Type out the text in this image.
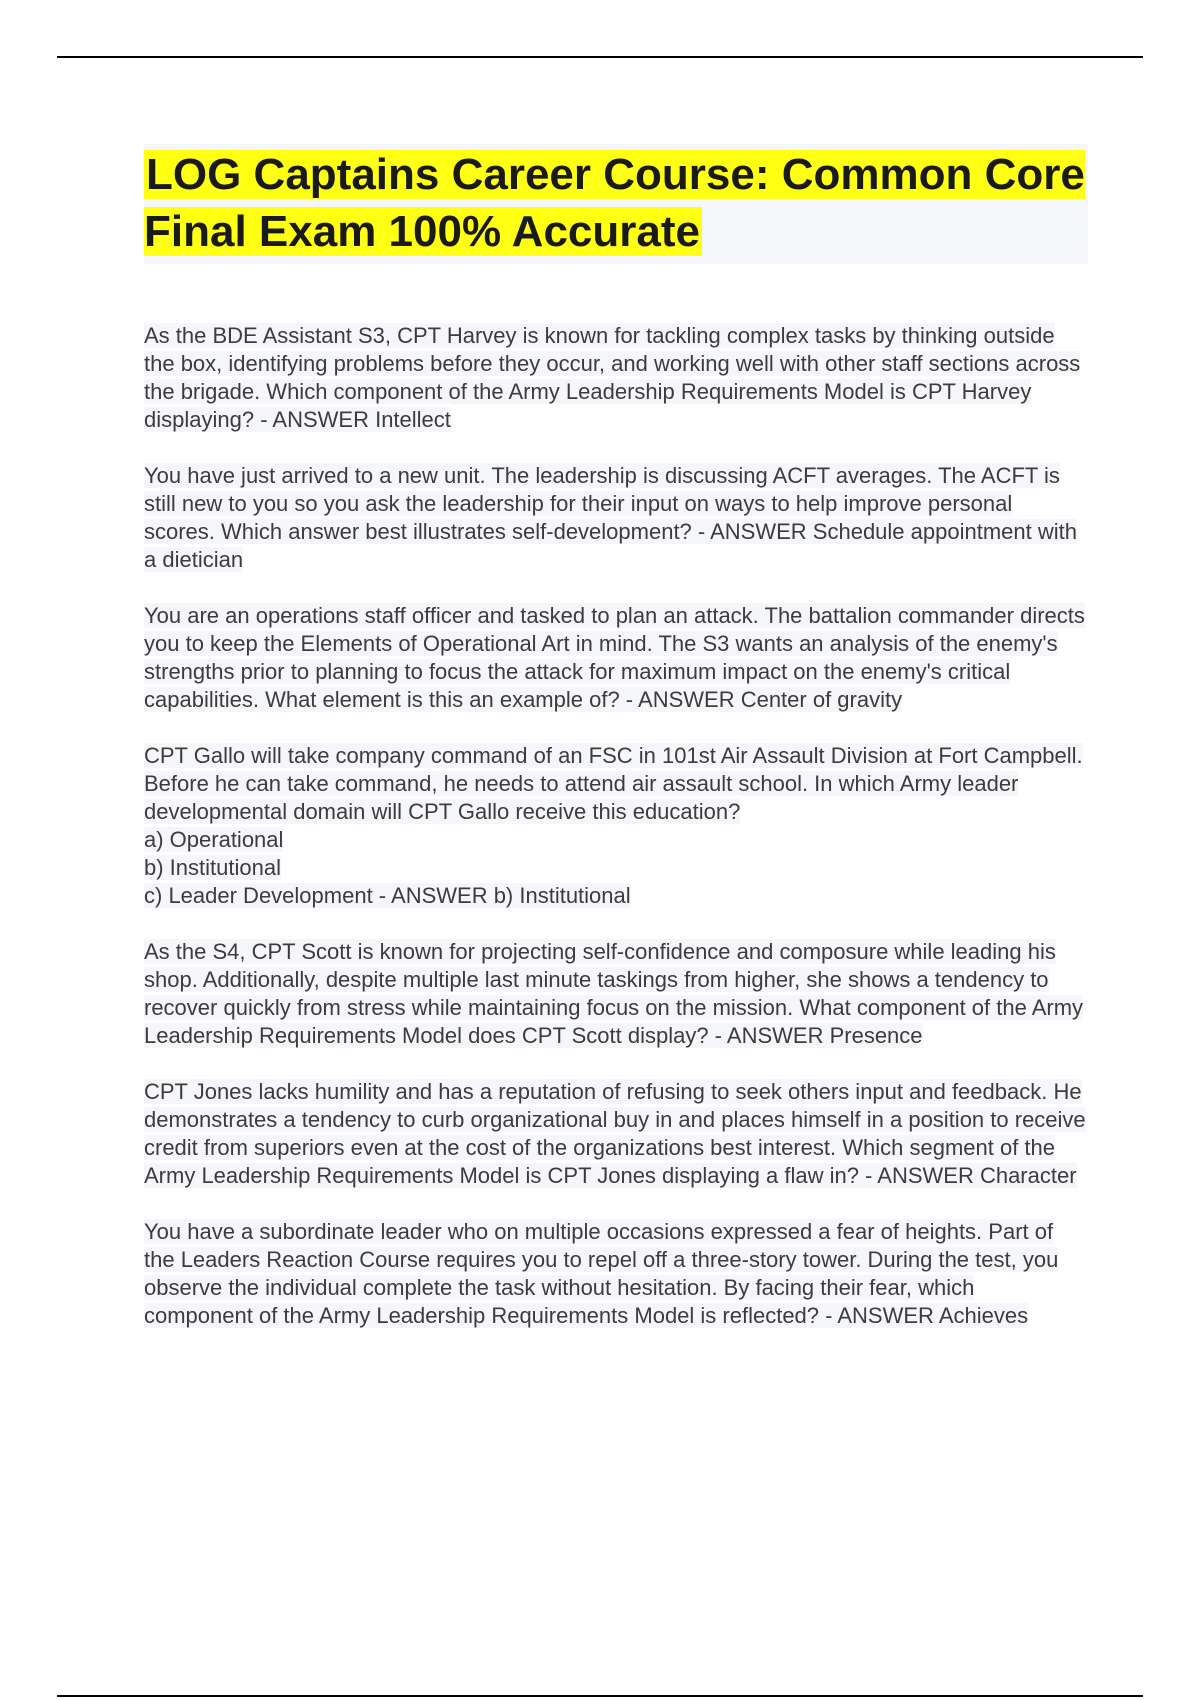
LOG Captains Career Course: Common Core Final Exam 100% Accurate

As the BDE Assistant S3, CPT Harvey is known for tackling complex tasks by thinking outside the box, identifying problems before they occur, and working well with other staff sections across the brigade. Which component of the Army Leadership Requirements Model is CPT Harvey displaying? - ANSWER Intellect

You have just arrived to a new unit. The leadership is discussing ACFT averages. The ACFT is still new to you so you ask the leadership for their input on ways to help improve personal scores. Which answer best illustrates self-development? - ANSWER Schedule appointment with a dietician

You are an operations staff officer and tasked to plan an attack. The battalion commander directs you to keep the Elements of Operational Art in mind. The S3 wants an analysis of the enemy's strengths prior to planning to focus the attack for maximum impact on the enemy's critical capabilities. What element is this an example of? - ANSWER Center of gravity

CPT Gallo will take company command of an FSC in 101st Air Assault Division at Fort Campbell. Before he can take command, he needs to attend air assault school. In which Army leader developmental domain will CPT Gallo receive this education?
a) Operational
b) Institutional
c) Leader Development - ANSWER b) Institutional

As the S4, CPT Scott is known for projecting self-confidence and composure while leading his shop. Additionally, despite multiple last minute taskings from higher, she shows a tendency to recover quickly from stress while maintaining focus on the mission. What component of the Army Leadership Requirements Model does CPT Scott display? - ANSWER Presence

CPT Jones lacks humility and has a reputation of refusing to seek others input and feedback. He demonstrates a tendency to curb organizational buy in and places himself in a position to receive credit from superiors even at the cost of the organizations best interest. Which segment of the Army Leadership Requirements Model is CPT Jones displaying a flaw in? - ANSWER Character

You have a subordinate leader who on multiple occasions expressed a fear of heights. Part of the Leaders Reaction Course requires you to repel off a three-story tower. During the test, you observe the individual complete the task without hesitation. By facing their fear, which component of the Army Leadership Requirements Model is reflected? - ANSWER Achieves
